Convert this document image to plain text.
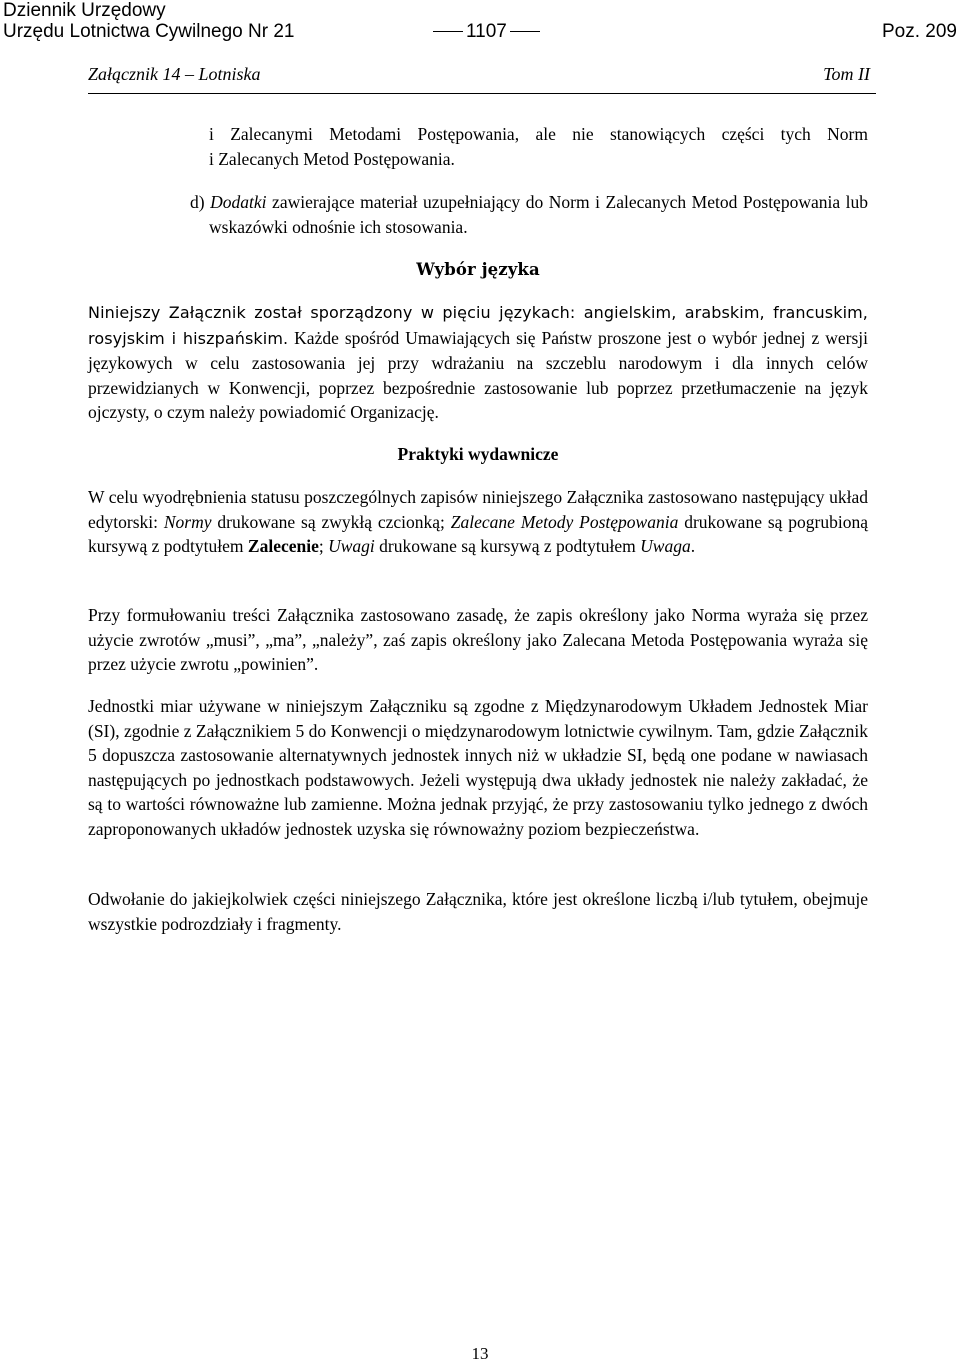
Dziennik Urzędowy
Urzędu Lotnictwa Cywilnego Nr 21	1107	Poz. 209
Załącznik 14 – Lotniska	Tom II

i Zalecanymi Metodami Postępowania, ale nie stanowiących części tych Norm

i Zalecanych Metod Postępowania.

d) Dodatki zawierające materiał uzupełniający do Norm i Zalecanych Metod Postępowania lub wskazówki odnośnie ich stosowania.

Wybór języka

Niniejszy Załącznik został sporządzony w pięciu językach: angielskim, arabskim, francuskim, rosyjskim i hiszpańskim. Każde spośród Umawiających się Państw proszone jest o wybór jednej z wersji językowych w celu zastosowania jej przy wdrażaniu na szczeblu narodowym i dla innych celów przewidzianych w Konwencji, poprzez bezpośrednie zastosowanie lub poprzez przetłumaczenie na język ojczysty, o czym należy powiadomić Organizację.

Praktyki wydawnicze

W celu wyodrębnienia statusu poszczególnych zapisów niniejszego Załącznika zastosowano następujący układ edytorski: Normy drukowane są zwykłą czcionką; Zalecane Metody Postępowania drukowane są pogrubioną kursywą z podtytułem Zalecenie; Uwagi drukowane są kursywą z podtytułem Uwaga.

Przy formułowaniu treści Załącznika zastosowano zasadę, że zapis określony jako Norma wyraża się przez użycie zwrotów „musi”, „ma”, „należy”, zaś zapis określony jako Zalecana Metoda Postępowania wyraża się przez użycie zwrotu „powinien”.

Jednostki miar używane w niniejszym Załączniku są zgodne z Międzynarodowym Układem Jednostek Miar (SI), zgodnie z Załącznikiem 5 do Konwencji o międzynarodowym lotnictwie cywilnym. Tam, gdzie Załącznik 5 dopuszcza zastosowanie alternatywnych jednostek innych niż w układzie SI, będą one podane w nawiasach następujących po jednostkach podstawowych. Jeżeli występują dwa układy jednostek nie należy zakładać, że są to wartości równoważne lub zamienne. Można jednak przyjąć, że przy zastosowaniu tylko jednego z dwóch zaproponowanych układów jednostek uzyska się równoważny poziom bezpieczeństwa.

Odwołanie do jakiejkolwiek części niniejszego Załącznika, które jest określone liczbą i/lub tytułem, obejmuje wszystkie podrozdziały i fragmenty.

13
